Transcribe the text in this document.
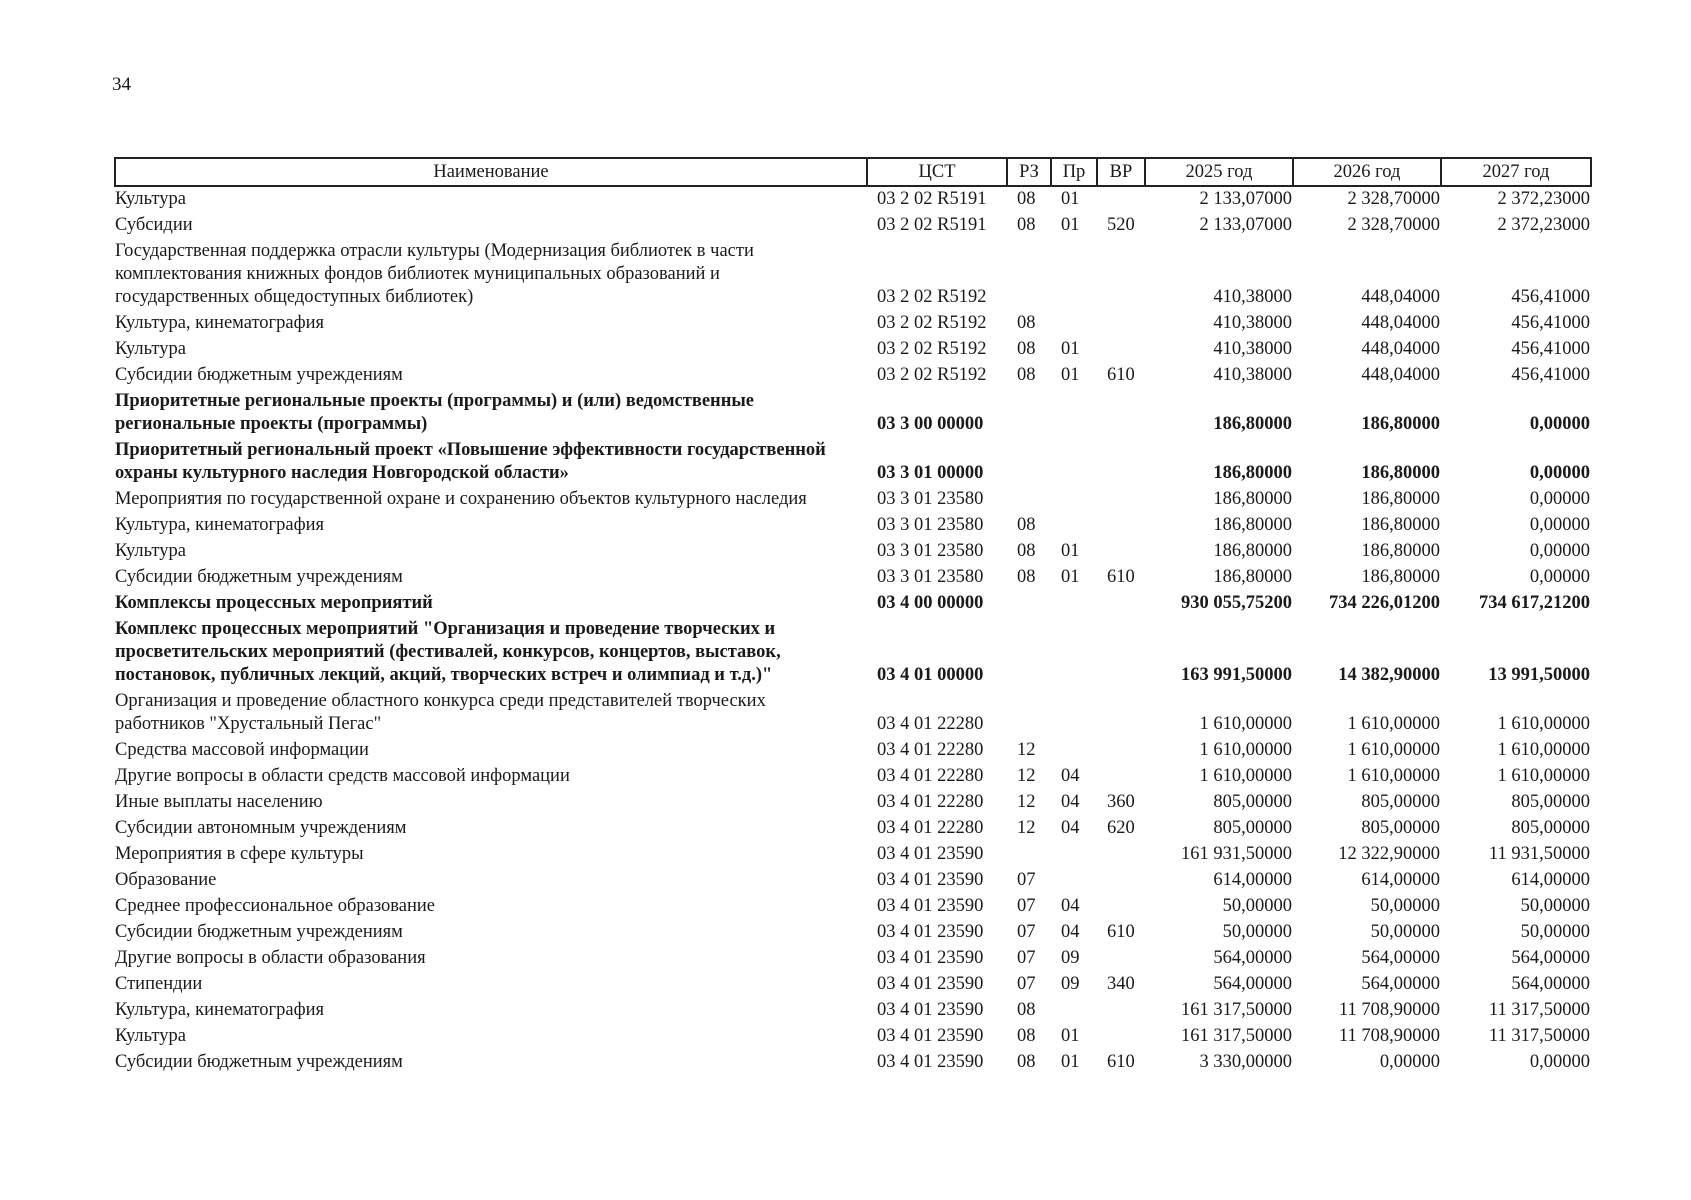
34
Наименование	ЦСТ	РЗ	Пр	ВР	2025 год	2026 год	2027 год
Культура	03 2 02 R5191	08	01		2 133,07000	2 328,70000	2 372,23000
Субсидии	03 2 02 R5191	08	01	520	2 133,07000	2 328,70000	2 372,23000
Государственная поддержка отрасли культуры (Модернизация библиотек в части комплектования книжных фондов библиотек муниципальных образований и государственных общедоступных библиотек)	03 2 02 R5192				410,38000	448,04000	456,41000
Культура, кинематография	03 2 02 R5192	08			410,38000	448,04000	456,41000
Культура	03 2 02 R5192	08	01		410,38000	448,04000	456,41000
Субсидии бюджетным учреждениям	03 2 02 R5192	08	01	610	410,38000	448,04000	456,41000
Приоритетные региональные проекты (программы) и (или) ведомственные региональные проекты (программы)	03 3 00 00000				186,80000	186,80000	0,00000
Приоритетный региональный проект «Повышение эффективности государственной охраны культурного наследия Новгородской области»	03 3 01 00000				186,80000	186,80000	0,00000
Мероприятия по государственной охране и сохранению объектов культурного наследия	03 3 01 23580				186,80000	186,80000	0,00000
Культура, кинематография	03 3 01 23580	08			186,80000	186,80000	0,00000
Культура	03 3 01 23580	08	01		186,80000	186,80000	0,00000
Субсидии бюджетным учреждениям	03 3 01 23580	08	01	610	186,80000	186,80000	0,00000
Комплексы процессных мероприятий	03 4 00 00000				930 055,75200	734 226,01200	734 617,21200
Комплекс процессных мероприятий "Организация и проведение творческих и просветительских мероприятий (фестивалей, конкурсов, концертов, выставок, постановок, публичных лекций, акций, творческих встреч и олимпиад и т.д.)"	03 4 01 00000				163 991,50000	14 382,90000	13 991,50000
Организация и проведение областного конкурса среди представителей творческих работников "Хрустальный Пегас"	03 4 01 22280				1 610,00000	1 610,00000	1 610,00000
Средства массовой информации	03 4 01 22280	12			1 610,00000	1 610,00000	1 610,00000
Другие вопросы в области средств массовой информации	03 4 01 22280	12	04		1 610,00000	1 610,00000	1 610,00000
Иные выплаты населению	03 4 01 22280	12	04	360	805,00000	805,00000	805,00000
Субсидии автономным учреждениям	03 4 01 22280	12	04	620	805,00000	805,00000	805,00000
Мероприятия в сфере культуры	03 4 01 23590				161 931,50000	12 322,90000	11 931,50000
Образование	03 4 01 23590	07			614,00000	614,00000	614,00000
Среднее профессиональное образование	03 4 01 23590	07	04		50,00000	50,00000	50,00000
Субсидии бюджетным учреждениям	03 4 01 23590	07	04	610	50,00000	50,00000	50,00000
Другие вопросы в области образования	03 4 01 23590	07	09		564,00000	564,00000	564,00000
Стипендии	03 4 01 23590	07	09	340	564,00000	564,00000	564,00000
Культура, кинематография	03 4 01 23590	08			161 317,50000	11 708,90000	11 317,50000
Культура	03 4 01 23590	08	01		161 317,50000	11 708,90000	11 317,50000
Субсидии бюджетным учреждениям	03 4 01 23590	08	01	610	3 330,00000	0,00000	0,00000
